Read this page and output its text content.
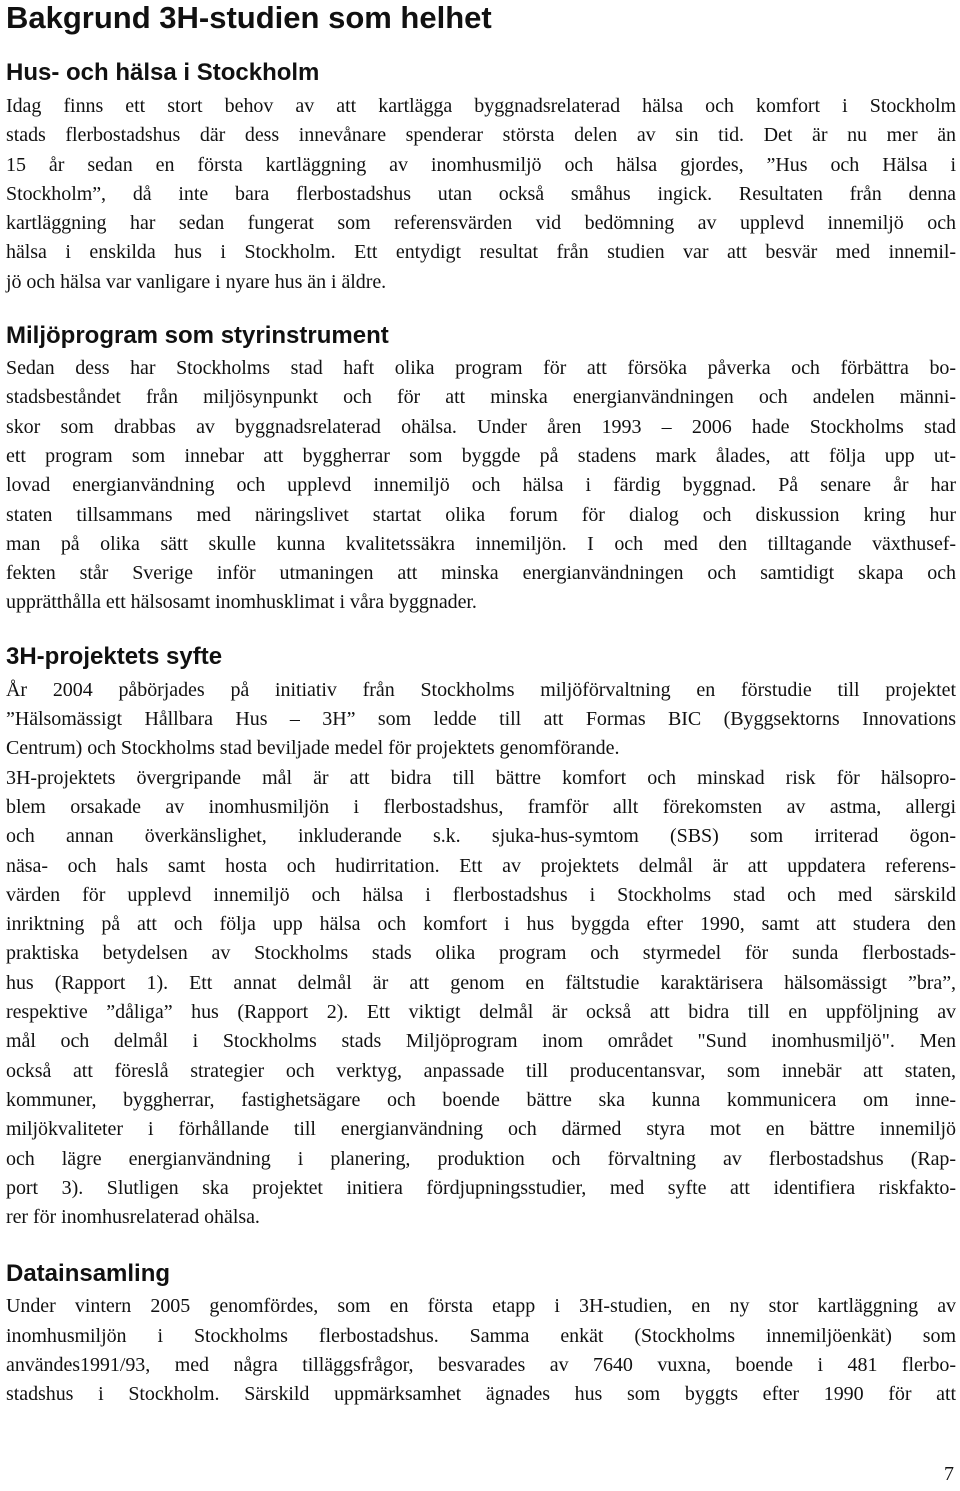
Bakgrund 3H-studien som helhet
Hus- och hälsa i Stockholm

Idag finns ett stort behov av att kartlägga byggnadsrelaterad hälsa och komfort i Stockholm
stads flerbostadshus där dess innevånare spenderar största delen av sin tid. Det är nu mer än
15 år sedan en första kartläggning av inomhusmiljö och hälsa gjordes, ”Hus och Hälsa i
Stockholm”, då inte bara flerbostadshus utan också småhus ingick. Resultaten från denna
kartläggning har sedan fungerat som referensvärden vid bedömning av upplevd innemiljö och
hälsa i enskilda hus i Stockholm. Ett entydigt resultat från studien var att besvär med innemil-
jö och hälsa var vanligare i nyare hus än i äldre.

Miljöprogram som styrinstrument

Sedan dess har Stockholms stad haft olika program för att försöka påverka och förbättra bo-
stadsbeståndet från miljösynpunkt och för att minska energianvändningen och andelen männi-
skor som drabbas av byggnadsrelaterad ohälsa. Under åren 1993 – 2006 hade Stockholms stad
ett program som innebar att byggherrar som byggde på stadens mark ålades, att följa upp ut-
lovad energianvändning och upplevd innemiljö och hälsa i färdig byggnad. På senare år har
staten tillsammans med näringslivet startat olika forum för dialog och diskussion kring hur
man på olika sätt skulle kunna kvalitetssäkra innemiljön. I och med den tilltagande växthusef-
fekten står Sverige inför utmaningen att minska energianvändningen och samtidigt skapa och
upprätthålla ett hälsosamt inomhusklimat i våra byggnader.

3H-projektets syfte

År 2004 påbörjades på initiativ från Stockholms miljöförvaltning en förstudie till projektet
”Hälsomässigt Hållbara Hus – 3H” som ledde till att Formas BIC (Byggsektorns Innovations
Centrum) och Stockholms stad beviljade medel för projektets genomförande.
3H-projektets övergripande mål är att bidra till bättre komfort och minskad risk för hälsopro-
blem orsakade av inomhusmiljön i flerbostadshus, framför allt förekomsten av astma, allergi
och annan överkänslighet, inkluderande s.k. sjuka-hus-symtom (SBS) som irriterad ögon-
näsa- och hals samt hosta och hudirritation. Ett av projektets delmål är att uppdatera referens-
värden för upplevd innemiljö och hälsa i flerbostadshus i Stockholms stad och med särskild
inriktning på att och följa upp hälsa och komfort i hus byggda efter 1990, samt att studera den
praktiska betydelsen av Stockholms stads olika program och styrmedel för sunda flerbostads-
hus (Rapport 1). Ett annat delmål är att genom en fältstudie karaktärisera hälsomässigt ”bra”,
respektive ”dåliga” hus (Rapport 2). Ett viktigt delmål är också att bidra till en uppföljning av
mål och delmål i Stockholms stads Miljöprogram inom området "Sund inomhusmiljö". Men
också att föreslå strategier och verktyg, anpassade till producentansvar, som innebär att staten,
kommuner, byggherrar, fastighetsägare och boende bättre ska kunna kommunicera om inne-
miljökvaliteter i förhållande till energianvändning och därmed styra mot en bättre innemiljö
och lägre energianvändning i planering, produktion och förvaltning av flerbostadshus (Rap-
port 3). Slutligen ska projektet initiera fördjupningsstudier, med syfte att identifiera riskfakto-
rer för inomhusrelaterad ohälsa.

Datainsamling

Under vintern 2005 genomfördes, som en första etapp i 3H-studien, en ny stor kartläggning av
inomhusmiljön i Stockholms flerbostadshus. Samma enkät (Stockholms innemiljöenkät) som
användes1991/93, med några tilläggsfrågor, besvarades av 7640 vuxna, boende i 481 flerbo-
stadshus i Stockholm. Särskild uppmärksamhet ägnades hus som byggts efter 1990 för att

7
